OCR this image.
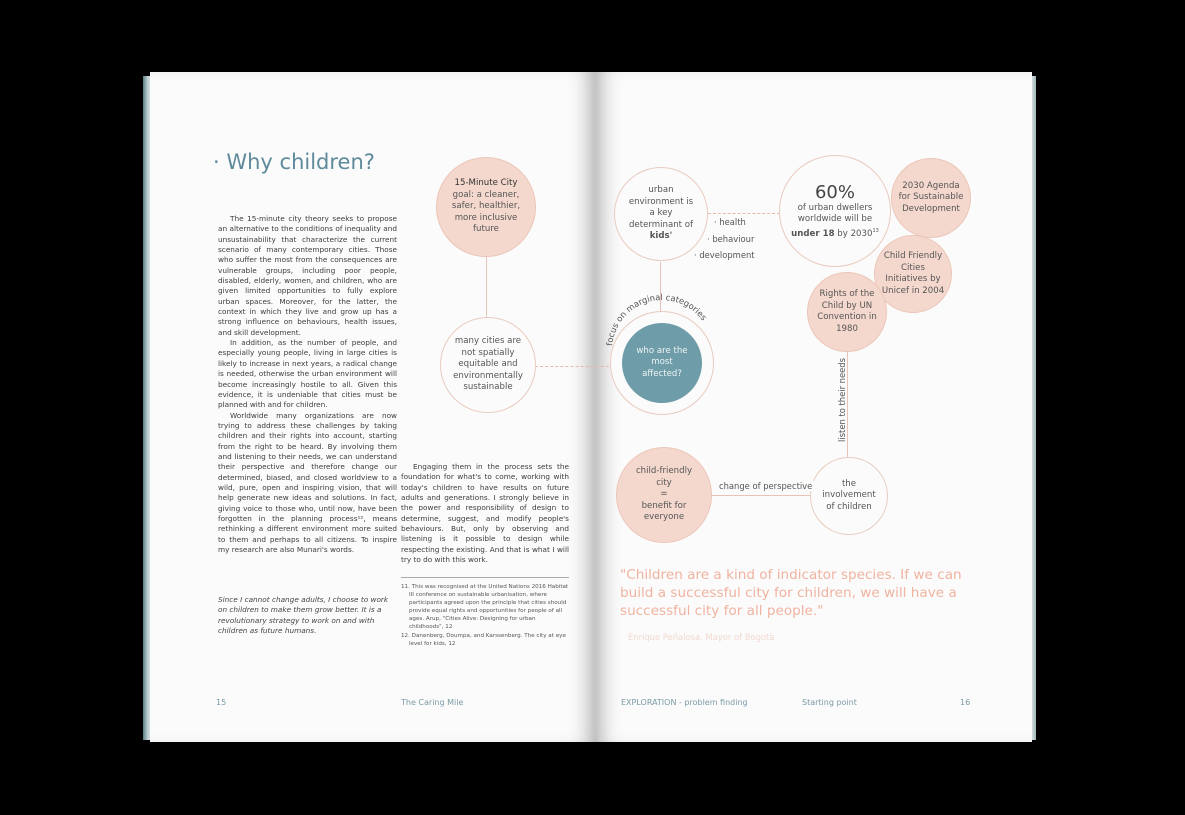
· Why children?

The 15-minute city theory seeks to propose an alternative to the conditions of inequality and unsustainability that characterize the current scenario of many contemporary cities. Those who suffer the most from the consequences are vulnerable groups, including poor people, disabled, elderly, women, and children, who are given limited opportunities to fully explore urban spaces. Moreover, for the latter, the context in which they live and grow up has a strong influence on behaviours, health issues, and skill development.

In addition, as the number of people, and especially young people, living in large cities is likely to increase in next years, a radical change is needed, otherwise the urban environment will become increasingly hostile to all. Given this evidence, it is undeniable that cities must be planned with and for children.

Worldwide many organizations are now trying to address these challenges by taking children and their rights into account, starting from the right to be heard. By involving them and listening to their needs, we can understand their perspective and therefore change our determined, biased, and closed worldview to a wild, pure, open and inspiring vision, that will help generate new ideas and solutions. In fact, giving voice to those who, until now, have been forgotten in the planning process¹², means rethinking a different environment more suited to them and perhaps to all citizens. To inspire my research are also Munari's words.

Since I cannot change adults, I choose to work on children to make them grow better. It is a revolutionary strategy to work on and with children as future humans.

Engaging them in the process sets the foundation for what's to come, working with today's children to have results on future adults and generations. I strongly believe in the power and responsibility of design to determine, suggest, and modify people's behaviours. But, only by observing and listening is it possible to design while respecting the existing. And that is what I will try to do with this work.

11. This was recognised at the United Nations 2016 Habitat III conference on sustainable urbanisation, where participants agreed upon the principle that cities should provide equal rights and opportunities for people of all ages. Arup, "Cities Alive: Designing for urban childhoods", 12

12. Danenberg, Doumpa, and Karssenberg. The city at eye level for kids, 12

15	The Caring Mile

15-Minute City
goal: a cleaner, safer, healthier, more inclusive future
many cities are not spatially equitable and environmentally sustainable
focus on marginal categories
who are the most affected?
urban environment is a key determinant of kids'

· health

· behaviour

· development

60%
of urban dwellers worldwide will be
under 18 by 2030$^{13}$
2030 Agenda for Sustainable Development
Child Friendly Cities Initiatives by Unicef in 2004
Rights of the Child by UN Convention in 1980

listen to their needs

the involvement of children

change of perspective

child-friendly city
=
benefit for everyone

"Children are a kind of indicator species. If we can build a successful city for children, we will have a successful city for all people."

Enrique Peñalosa, Mayor of Bogotà

EXPLORATION - problem finding	Starting point	16
